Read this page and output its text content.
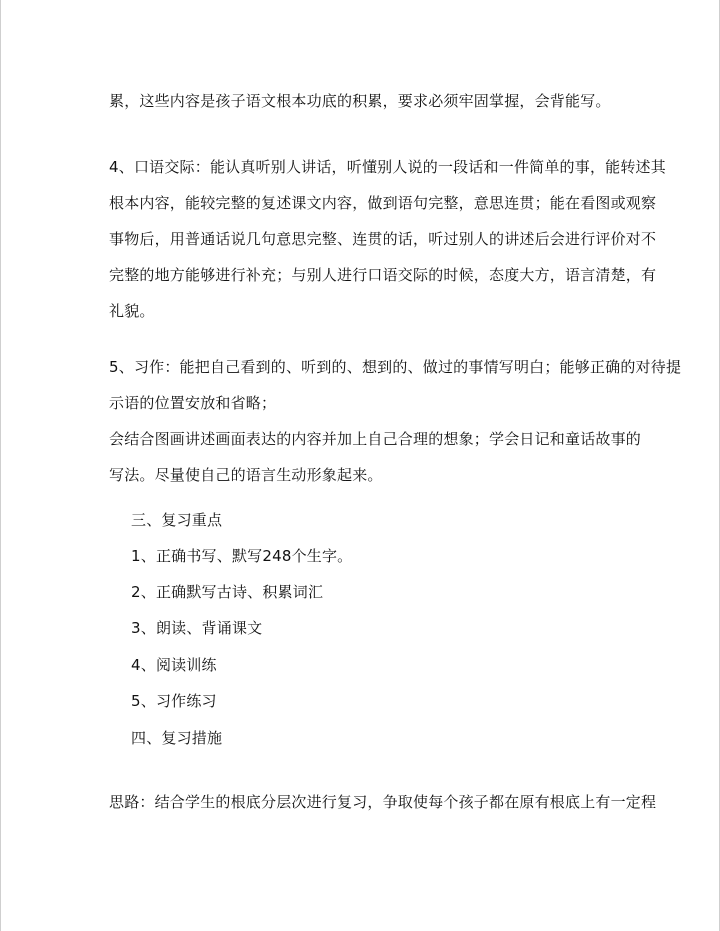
累，这些内容是孩子语文根本功底的积累，要求必须牢固掌握，会背能写。
4、口语交际：能认真听别人讲话，听懂别人说的一段话和一件简单的事，能转述其
根本内容，能较完整的复述课文内容，做到语句完整，意思连贯；能在看图或观察
事物后，用普通话说几句意思完整、连贯的话，听过别人的讲述后会进行评价对不
完整的地方能够进行补充；与别人进行口语交际的时候，态度大方，语言清楚，有
礼貌。
5、习作：能把自己看到的、听到的、想到的、做过的事情写明白；能够正确的对待提
示语的位置安放和省略；
会结合图画讲述画面表达的内容并加上自己合理的想象；学会日记和童话故事的
写法。尽量使自己的语言生动形象起来。
三、复习重点
1、正确书写、默写248个生字。
2、正确默写古诗、积累词汇
3、朗读、背诵课文
4、阅读训练
5、习作练习
四、复习措施
思路：结合学生的根底分层次进行复习，争取使每个孩子都在原有根底上有一定程
